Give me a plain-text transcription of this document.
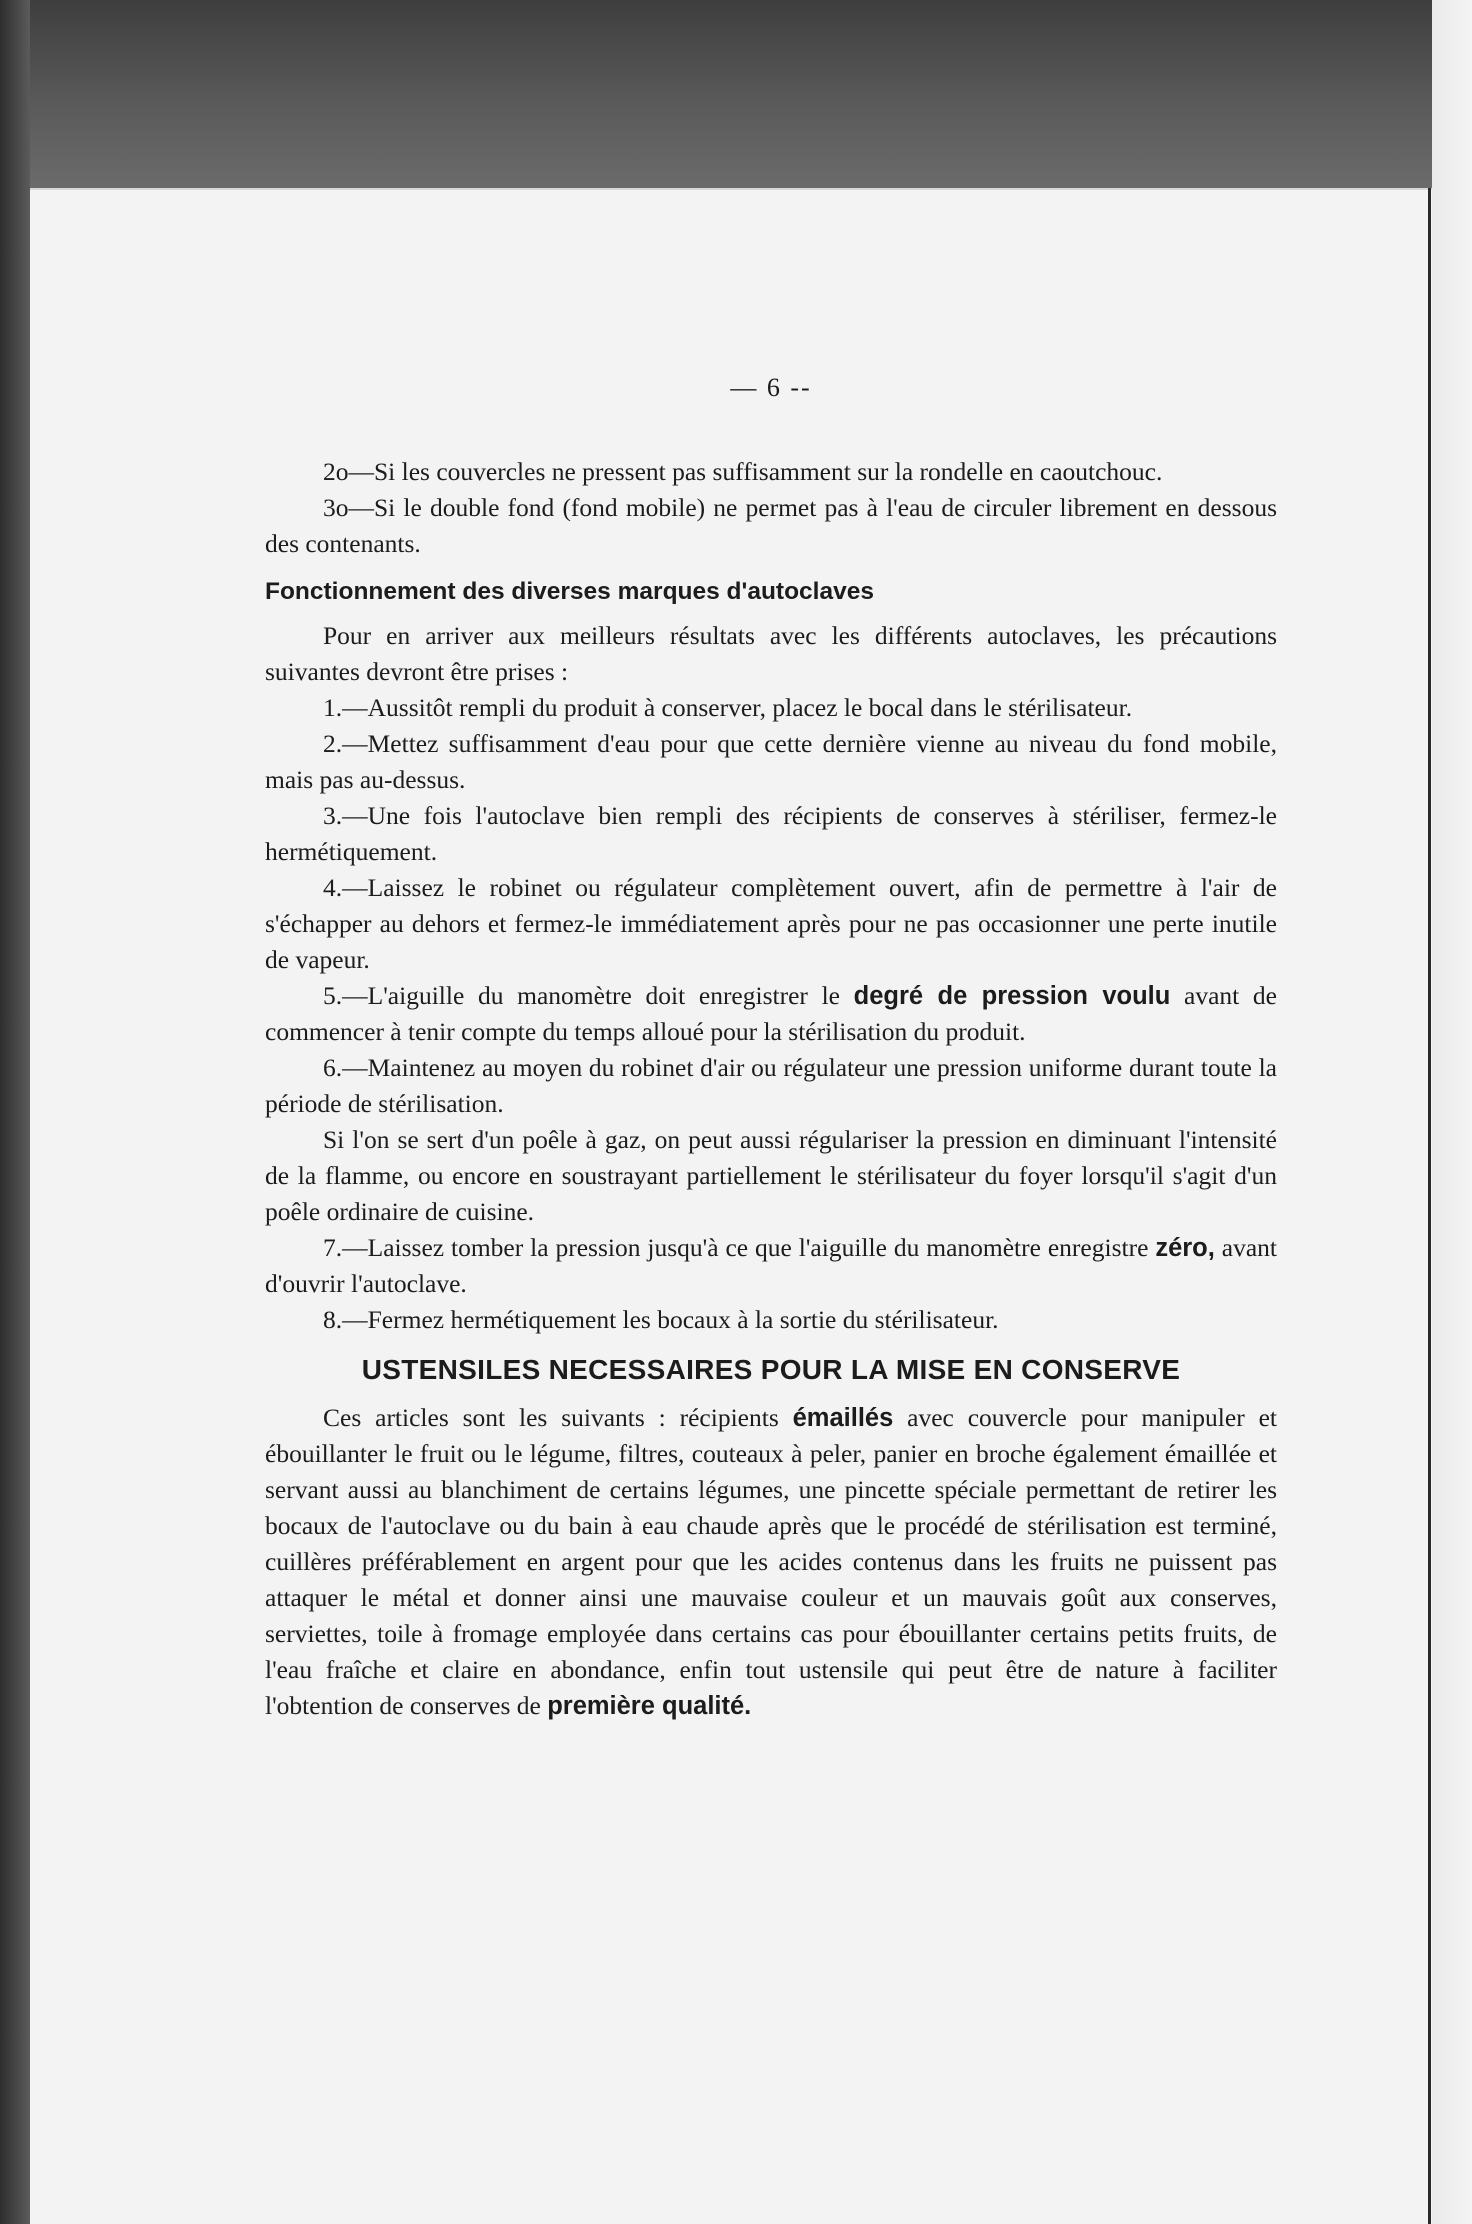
— 6 --

2o—Si les couvercles ne pressent pas suffisamment sur la rondelle en caoutchouc.

3o—Si le double fond (fond mobile) ne permet pas à l'eau de circuler librement en dessous des contenants.

Fonctionnement des diverses marques d'autoclaves

Pour en arriver aux meilleurs résultats avec les différents autoclaves, les précautions suivantes devront être prises :

1.—Aussitôt rempli du produit à conserver, placez le bocal dans le stérilisateur.

2.—Mettez suffisamment d'eau pour que cette dernière vienne au niveau du fond mobile, mais pas au-dessus.

3.—Une fois l'autoclave bien rempli des récipients de conserves à stériliser, fermez-le hermétiquement.

4.—Laissez le robinet ou régulateur complètement ouvert, afin de permettre à l'air de s'échapper au dehors et fermez-le immédiatement après pour ne pas occasionner une perte inutile de vapeur.

5.—L'aiguille du manomètre doit enregistrer le degré de pression voulu avant de commencer à tenir compte du temps alloué pour la stérilisation du produit.

6.—Maintenez au moyen du robinet d'air ou régulateur une pression uniforme durant toute la période de stérilisation.

Si l'on se sert d'un poêle à gaz, on peut aussi régulariser la pression en diminuant l'intensité de la flamme, ou encore en soustrayant partiellement le stérilisateur du foyer lorsqu'il s'agit d'un poêle ordinaire de cuisine.

7.—Laissez tomber la pression jusqu'à ce que l'aiguille du manomètre enregistre zéro, avant d'ouvrir l'autoclave.

8.—Fermez hermétiquement les bocaux à la sortie du stérilisateur.

USTENSILES NECESSAIRES POUR LA MISE EN CONSERVE

Ces articles sont les suivants : récipients émaillés avec couvercle pour manipuler et ébouillanter le fruit ou le légume, filtres, couteaux à peler, panier en broche également émaillée et servant aussi au blanchiment de certains légumes, une pincette spéciale permettant de retirer les bocaux de l'autoclave ou du bain à eau chaude après que le procédé de stérilisation est terminé, cuillères préférablement en argent pour que les acides contenus dans les fruits ne puissent pas attaquer le métal et donner ainsi une mauvaise couleur et un mauvais goût aux conserves, serviettes, toile à fromage employée dans certains cas pour ébouillanter certains petits fruits, de l'eau fraîche et claire en abondance, enfin tout ustensile qui peut être de nature à faciliter l'obtention de conserves de première qualité.
